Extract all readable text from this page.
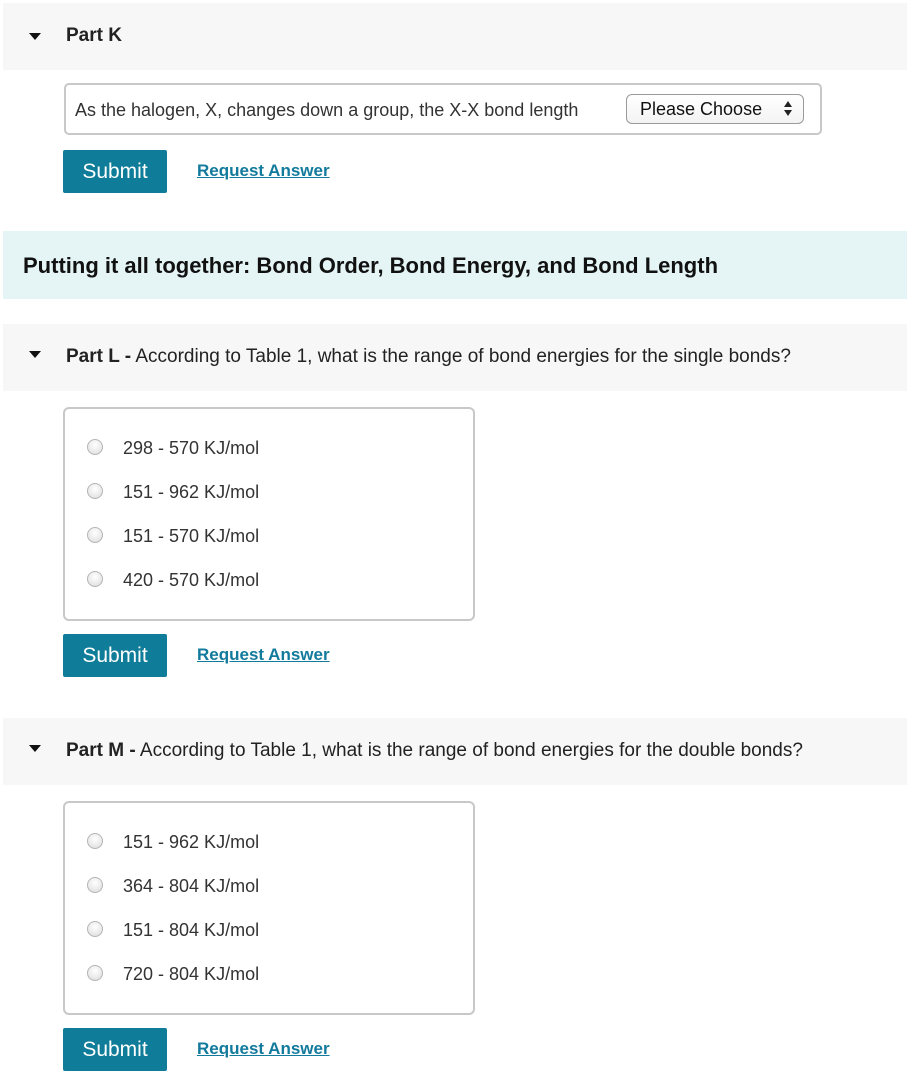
Part K
As the halogen, X, changes down a group, the X-X bond length	Please Choose
Submit	Request Answer
Putting it all together: Bond Order, Bond Energy, and Bond Length
Part L - According to Table 1, what is the range of bond energies for the single bonds?
298 - 570 KJ/mol
151 - 962 KJ/mol
151 - 570 KJ/mol
420 - 570 KJ/mol
Submit	Request Answer
Part M - According to Table 1, what is the range of bond energies for the double bonds?
151 - 962 KJ/mol
364 - 804 KJ/mol
151 - 804 KJ/mol
720 - 804 KJ/mol
Submit	Request Answer
